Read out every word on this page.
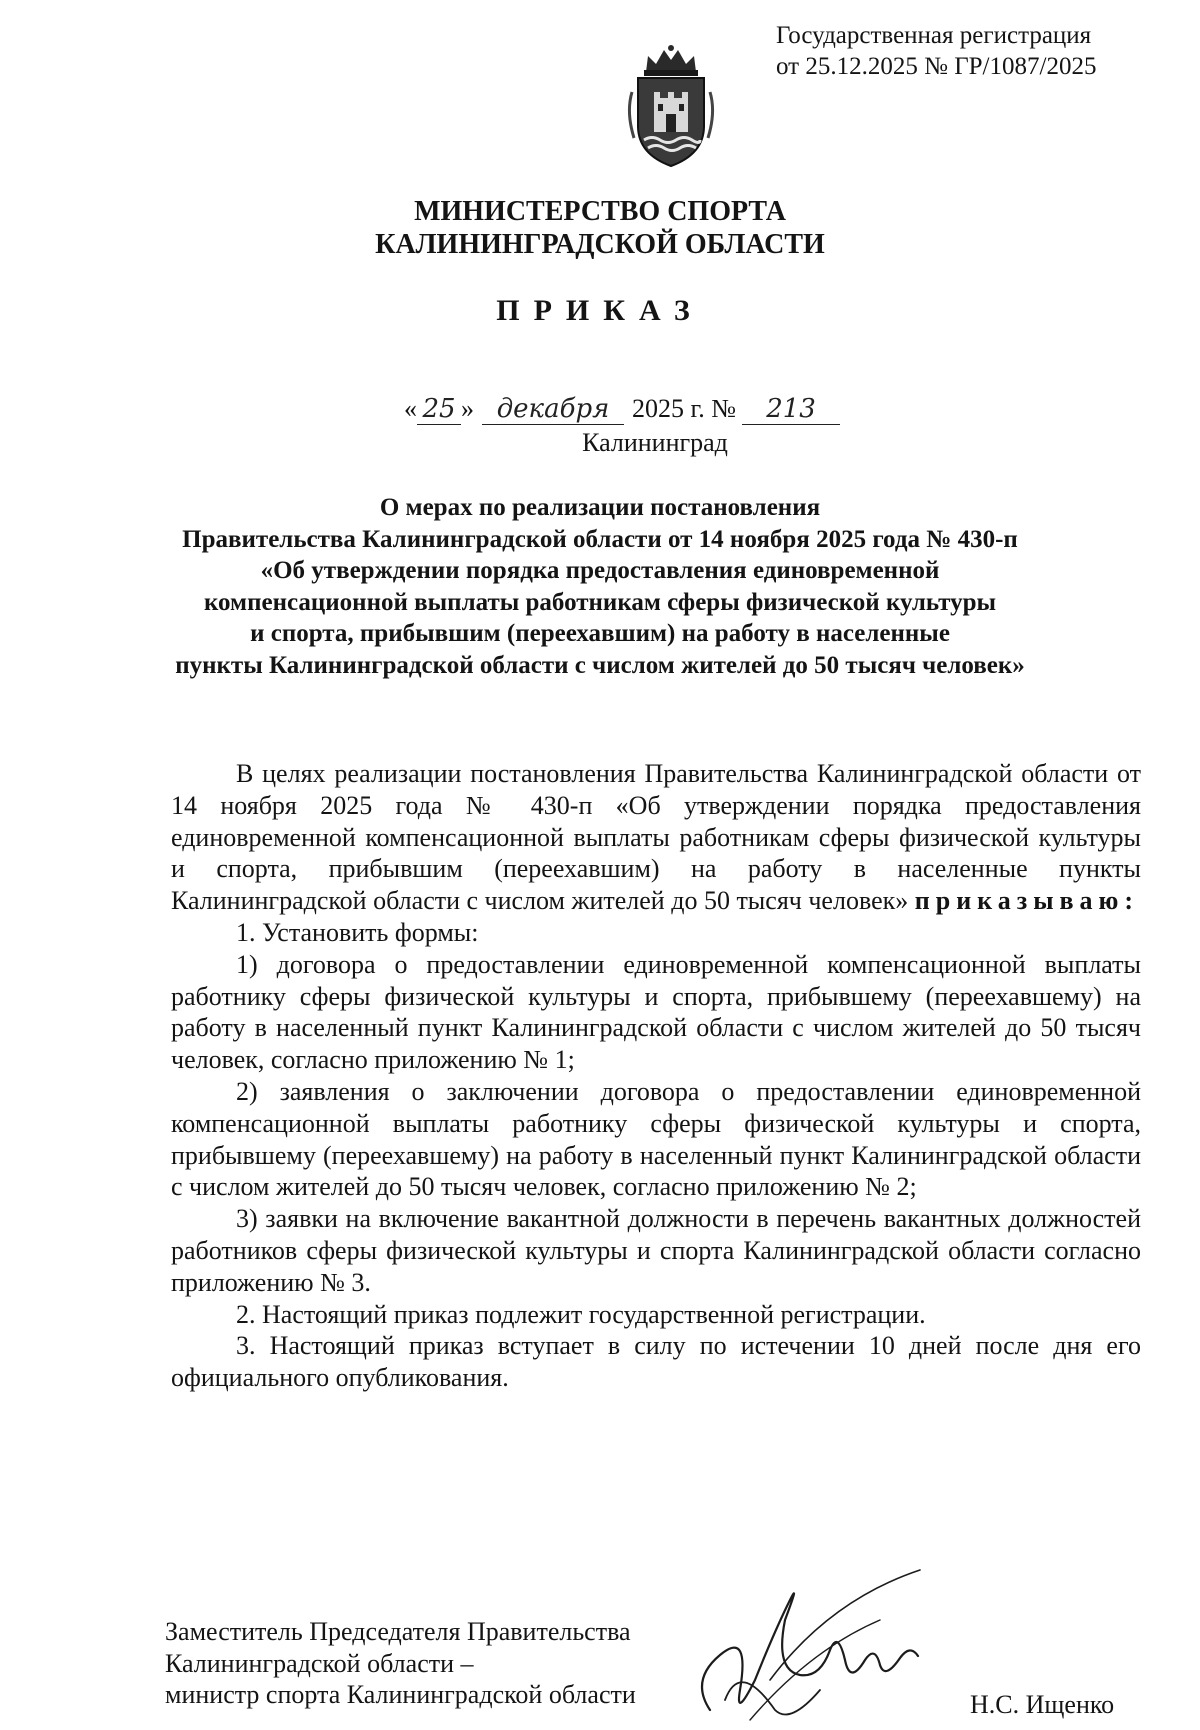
Государственная регистрация
от 25.12.2025 № ГР/1087/2025
МИНИСТЕРСТВО СПОРТА
КАЛИНИНГРАДСКОЙ ОБЛАСТИ
ПРИКАЗ
« 25 » декабря 2025 г. №	213
Калининград
О мерах по реализации постановления
Правительства Калининградской области от 14 ноября 2025 года № 430-п
«Об утверждении порядка предоставления единовременной
компенсационной выплаты работникам сферы физической культуры
и спорта, прибывшим (переехавшим) на работу в населенные
пункты Калининградской области с числом жителей до 50 тысяч человек»
В целях реализации постановления Правительства Калининградской области от 14 ноября 2025 года № 430-п «Об утверждении порядка предоставления единовременной компенсационной выплаты работникам сферы физической культуры и спорта, прибывшим (переехавшим) на работу в населенные пункты Калининградской области с числом жителей до 50 тысяч человек» приказываю:
1. Установить формы:
1) договора о предоставлении единовременной компенсационной выплаты работнику сферы физической культуры и спорта, прибывшему (переехавшему) на работу в населенный пункт Калининградской области с числом жителей до 50 тысяч человек, согласно приложению № 1;
2) заявления о заключении договора о предоставлении единовременной компенсационной выплаты работнику сферы физической культуры и спорта, прибывшему (переехавшему) на работу в населенный пункт Калининградской области с числом жителей до 50 тысяч человек, согласно приложению № 2;
3) заявки на включение вакантной должности в перечень вакантных должностей работников сферы физической культуры и спорта Калининградской области согласно приложению № 3.
2. Настоящий приказ подлежит государственной регистрации.
3. Настоящий приказ вступает в силу по истечении 10 дней после дня его официального опубликования.
Заместитель Председателя Правительства
Калининградской области –
министр спорта Калининградской области	Н.С. Ищенко
